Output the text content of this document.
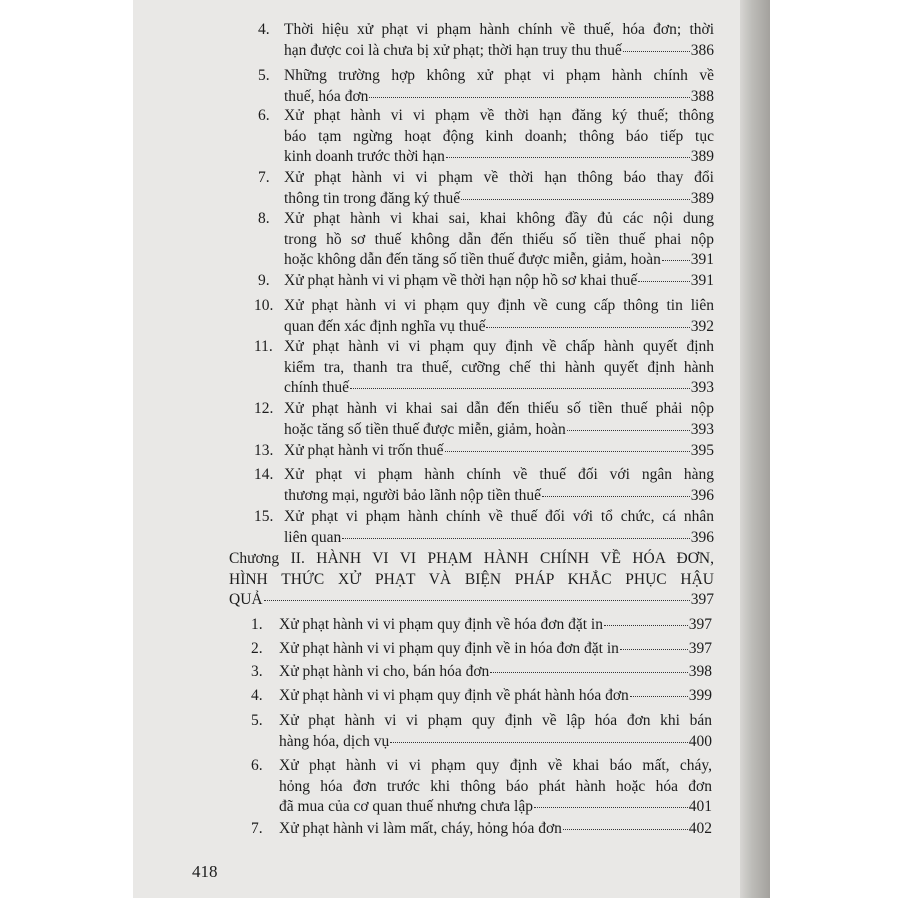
4. Thời hiệu xử phạt vi phạm hành chính về thuế, hóa đơn; thời
hạn được coi là chưa bị xử phạt; thời hạn truy thu thuế	386
5. Những trường hợp không xử phạt vi phạm hành chính về
thuế, hóa đơn	388
6. Xử phạt hành vi vi phạm về thời hạn đăng ký thuế; thông
báo tạm ngừng hoạt động kinh doanh; thông báo tiếp tục
kinh doanh trước thời hạn	389
7. Xử phạt hành vi vi phạm về thời hạn thông báo thay đổi
thông tin trong đăng ký thuế	389
8. Xử phạt hành vi khai sai, khai không đầy đủ các nội dung
trong hồ sơ thuế không dẫn đến thiếu số tiền thuế phai nộp
hoặc không dẫn đến tăng số tiền thuế được miễn, giảm, hoàn 391
9. Xử phạt hành vi vi phạm về thời hạn nộp hồ sơ khai thuế	391
10. Xử phạt hành vi vi phạm quy định về cung cấp thông tin liên
quan đến xác định nghĩa vụ thuế	392
11. Xử phạt hành vi vi phạm quy định về chấp hành quyết định
kiểm tra, thanh tra thuế, cưỡng chế thi hành quyết định hành
chính thuế	393
12. Xử phạt hành vi khai sai dẫn đến thiếu số tiền thuế phải nộp
hoặc tăng số tiền thuế được miễn, giảm, hoàn	393
13. Xử phạt hành vi trốn thuế	395
14. Xử phạt vi phạm hành chính về thuế đối với ngân hàng
thương mại, người bảo lãnh nộp tiền thuế	396
15. Xử phạt vi phạm hành chính về thuế đối với tổ chức, cá nhân
liên quan	396
Chương II. HÀNH VI VI PHẠM HÀNH CHÍNH VỀ HÓA ĐƠN,
HÌNH THỨC XỬ PHẠT VÀ BIỆN PHÁP KHẮC PHỤC HẬU
QUẢ	397
1. Xử phạt hành vi vi phạm quy định về hóa đơn đặt in	397
2. Xử phạt hành vi vi phạm quy định về in hóa đơn đặt in	397
3. Xử phạt hành vi cho, bán hóa đơn	398
4. Xử phạt hành vi vi phạm quy định về phát hành hóa đơn	399
5. Xử phạt hành vi vi phạm quy định về lập hóa đơn khi bán
hàng hóa, dịch vụ	400
6. Xử phạt hành vi vi phạm quy định về khai báo mất, cháy,
hỏng hóa đơn trước khi thông báo phát hành hoặc hóa đơn
đã mua của cơ quan thuế nhưng chưa lập	401
7. Xử phạt hành vi làm mất, cháy, hỏng hóa đơn	402
418
